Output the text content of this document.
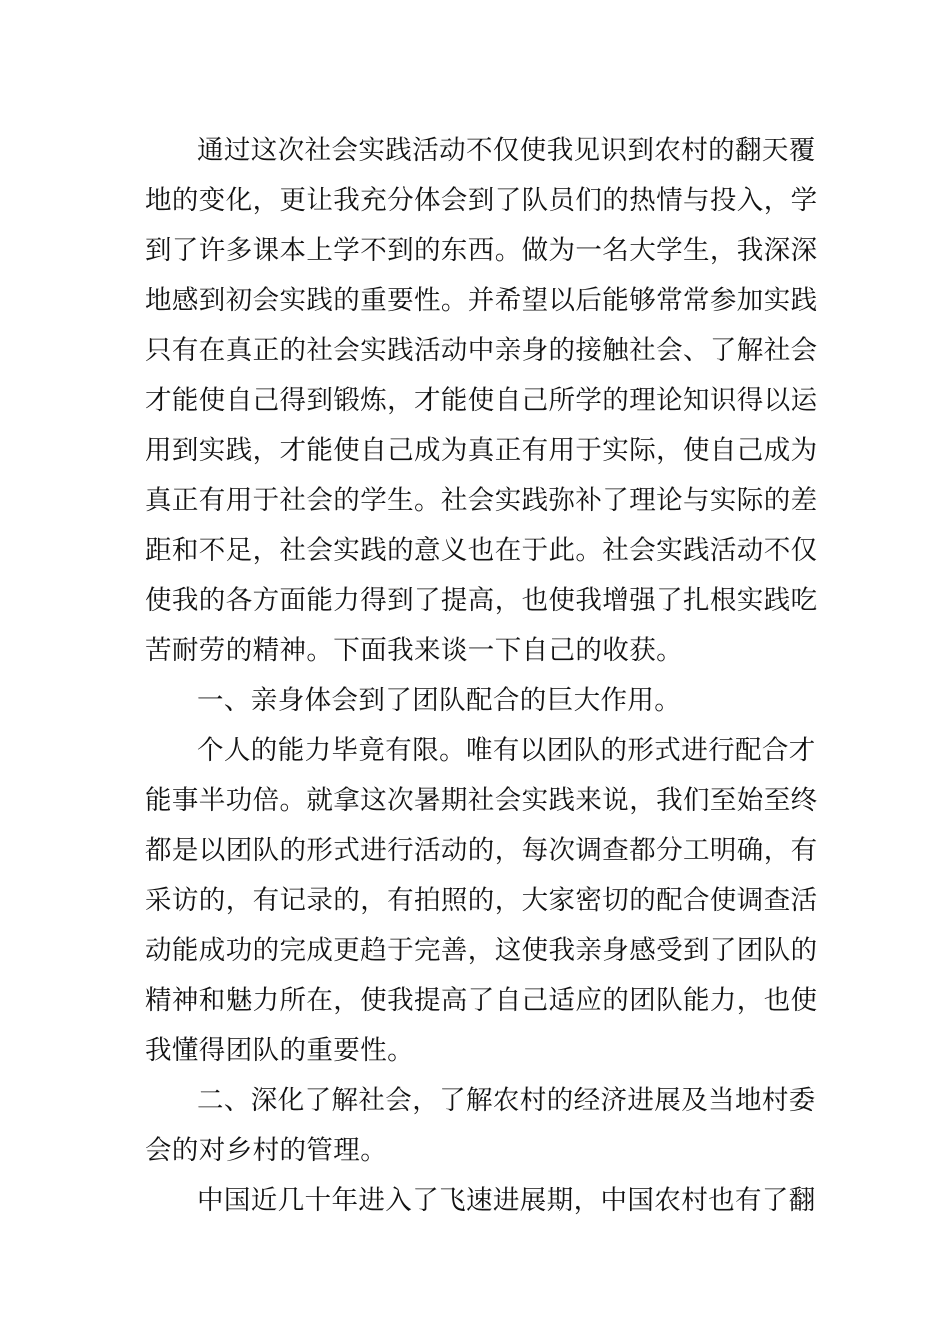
通过这次社会实践活动不仅使我见识到农村的翻天覆
地的变化，更让我充分体会到了队员们的热情与投入，学
到了许多课本上学不到的东西。做为一名大学生，我深深
地感到初会实践的重要性。并希望以后能够常常参加实践
只有在真正的社会实践活动中亲身的接触社会、了解社会
才能使自己得到锻炼，才能使自己所学的理论知识得以运
用到实践，才能使自己成为真正有用于实际，使自己成为
真正有用于社会的学生。社会实践弥补了理论与实际的差
距和不足，社会实践的意义也在于此。社会实践活动不仅
使我的各方面能力得到了提高，也使我增强了扎根实践吃
苦耐劳的精神。下面我来谈一下自己的收获。
一、亲身体会到了团队配合的巨大作用。
个人的能力毕竟有限。唯有以团队的形式进行配合才
能事半功倍。就拿这次暑期社会实践来说，我们至始至终
都是以团队的形式进行活动的，每次调查都分工明确，有
采访的，有记录的，有拍照的，大家密切的配合使调查活
动能成功的完成更趋于完善，这使我亲身感受到了团队的
精神和魅力所在，使我提高了自己适应的团队能力，也使
我懂得团队的重要性。
二、深化了解社会，了解农村的经济进展及当地村委
会的对乡村的管理。
中国近几十年进入了飞速进展期，中国农村也有了翻
